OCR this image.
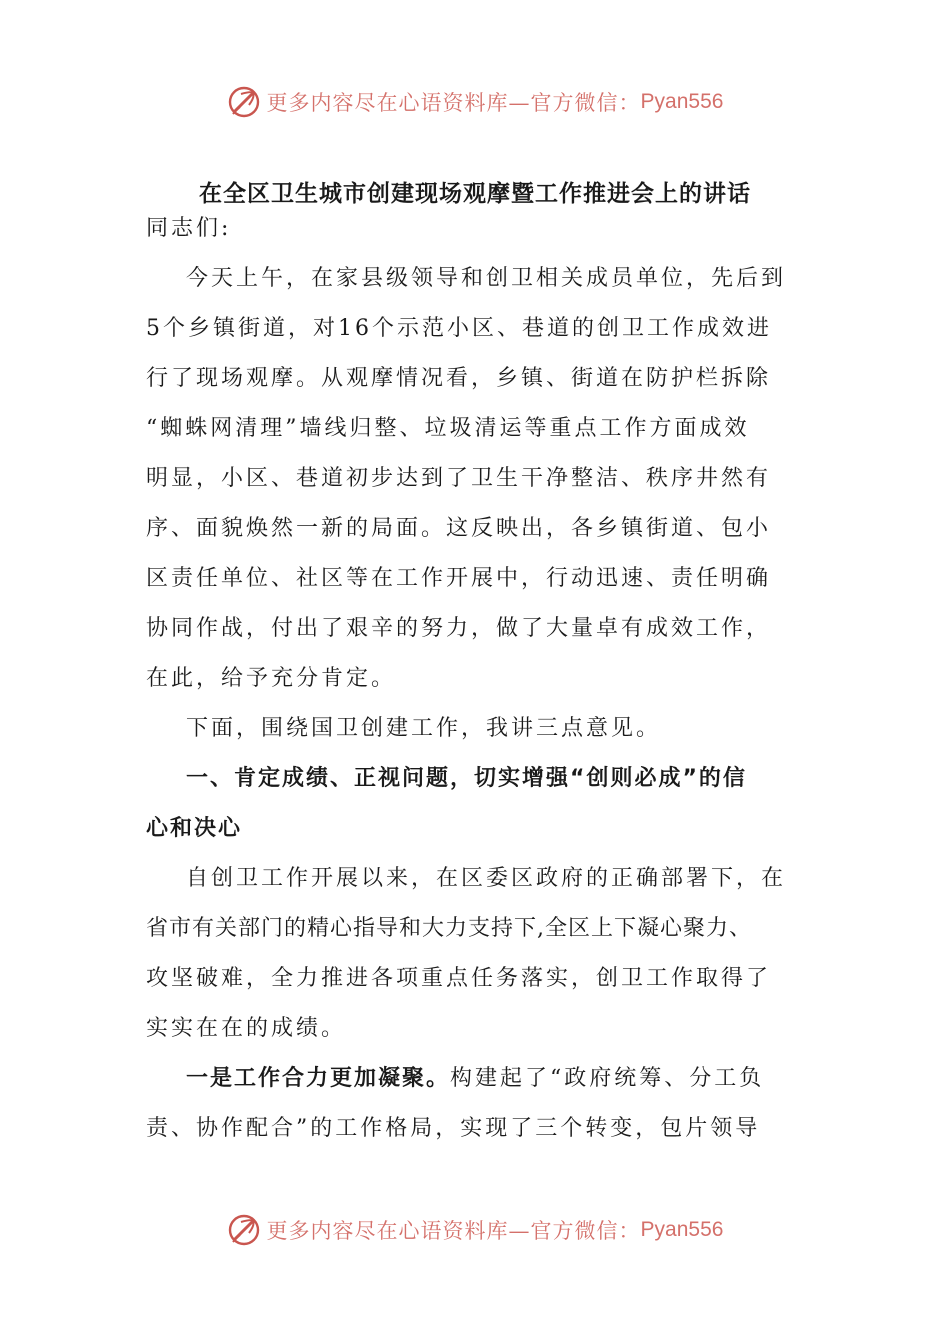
更多内容尽在心语资料库—官方微信： Pyan556
在全区卫生城市创建现场观摩暨工作推进会上的讲话
同志们:
今天上午，在家县级领导和创卫相关成员单位，先后到
5个乡镇街道，对16个示范小区、巷道的创卫工作成效进
行了现场观摩。从观摩情况看，乡镇、街道在防护栏拆除
“蜘蛛网清理”墙线归整、垃圾清运等重点工作方面成效
明显，小区、巷道初步达到了卫生干净整洁、秩序井然有
序、面貌焕然一新的局面。这反映出，各乡镇街道、包小
区责任单位、社区等在工作开展中，行动迅速、责任明确
协同作战，付出了艰辛的努力，做了大量卓有成效工作，
在此，给予充分肯定。
下面，围绕国卫创建工作，我讲三点意见。
一、肯定成绩、正视问题，切实增强“创则必成”的信
心和决心
自创卫工作开展以来，在区委区政府的正确部署下，在
省市有关部门的精心指导和大力支持下,全区上下凝心聚力、
攻坚破难，全力推进各项重点任务落实，创卫工作取得了
实实在在的成绩。
一是工作合力更加凝聚。构建起了“政府统筹、分工负
责、协作配合”的工作格局，实现了三个转变，包片领导
更多内容尽在心语资料库—官方微信： Pyan556
